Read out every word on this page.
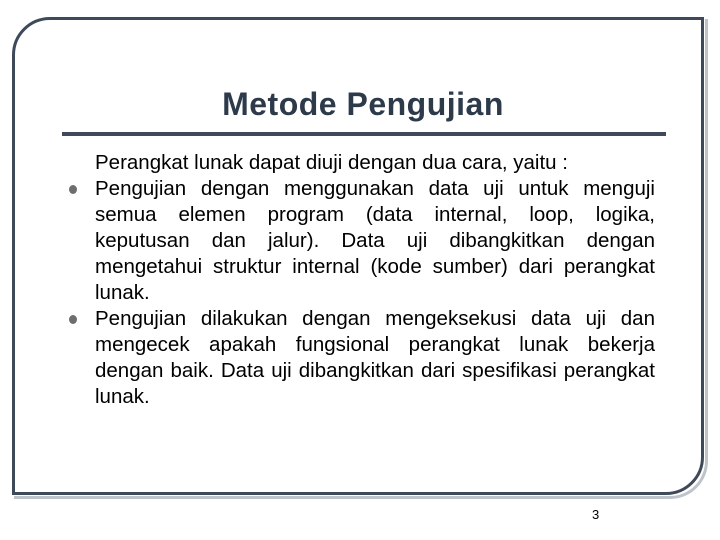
Metode Pengujian

Perangkat lunak dapat diuji dengan dua cara, yaitu :

Pengujian dengan menggunakan data uji untuk menguji semua elemen program (data internal, loop, logika, keputusan dan jalur). Data uji dibangkitkan dengan mengetahui struktur internal (kode sumber) dari perangkat lunak.
Pengujian dilakukan dengan mengeksekusi data uji dan mengecek apakah fungsional perangkat lunak bekerja dengan baik. Data uji dibangkitkan dari spesifikasi perangkat lunak.
3
